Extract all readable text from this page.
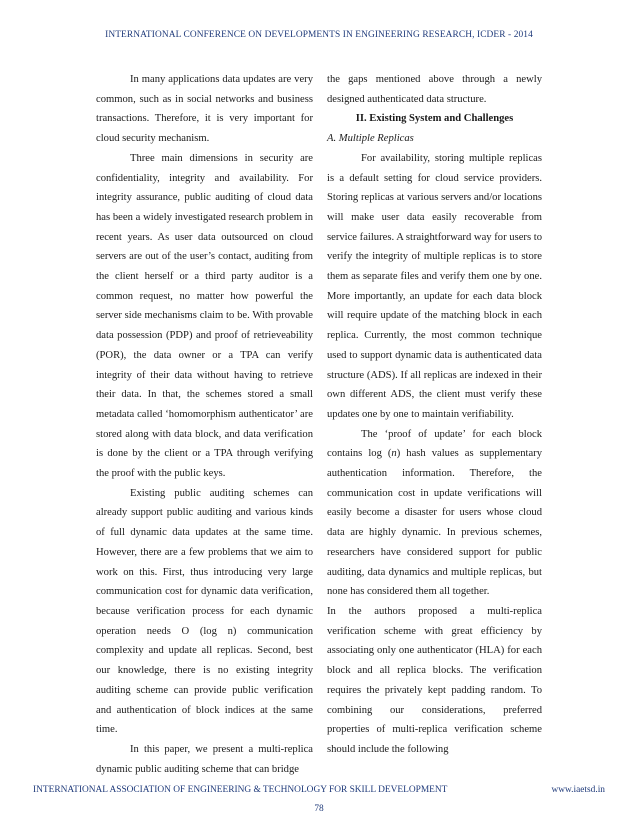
INTERNATIONAL CONFERENCE ON DEVELOPMENTS IN ENGINEERING RESEARCH, ICDER - 2014

In many applications data updates are very common, such as in social networks and business transactions. Therefore, it is very important for cloud security mechanism.

Three main dimensions in security are confidentiality, integrity and availability. For integrity assurance, public auditing of cloud data has been a widely investigated research problem in recent years. As user data outsourced on cloud servers are out of the user’s contact, auditing from the client herself or a third party auditor is a common request, no matter how powerful the server side mechanisms claim to be. With provable data possession (PDP) and proof of retrieveability (POR), the data owner or a TPA can verify integrity of their data without having to retrieve their data. In that, the schemes stored a small metadata called ‘homomorphism authenticator’ are stored along with data block, and data verification is done by the client or a TPA through verifying the proof with the public keys.

Existing public auditing schemes can already support public auditing and various kinds of full dynamic data updates at the same time. However, there are a few problems that we aim to work on this. First, thus introducing very large communication cost for dynamic data verification, because verification process for each dynamic operation needs O (log n) communication complexity and update all replicas. Second, best our knowledge, there is no existing integrity auditing scheme can provide public verification and authentication of block indices at the same time.

In this paper, we present a multi-replica dynamic public auditing scheme that can bridge

the gaps mentioned above through a newly designed authenticated data structure.

II. Existing System and Challenges

A. Multiple Replicas

For availability, storing multiple replicas is a default setting for cloud service providers. Storing replicas at various servers and/or locations will make user data easily recoverable from service failures. A straightforward way for users to verify the integrity of multiple replicas is to store them as separate files and verify them one by one. More importantly, an update for each data block will require update of the matching block in each replica. Currently, the most common technique used to support dynamic data is authenticated data structure (ADS). If all replicas are indexed in their own different ADS, the client must verify these updates one by one to maintain verifiability.

The ‘proof of update’ for each block contains log (n) hash values as supplementary authentication information. Therefore, the communication cost in update verifications will easily become a disaster for users whose cloud data are highly dynamic. In previous schemes, researchers have considered support for public auditing, data dynamics and multiple replicas, but none has considered them all together.

In the authors proposed a multi-replica verification scheme with great efficiency by associating only one authenticator (HLA) for each block and all replica blocks. The verification requires the privately kept padding random. To combining our considerations, preferred properties of multi-replica verification scheme should include the following

INTERNATIONAL ASSOCIATION OF ENGINEERING & TECHNOLOGY FOR SKILL DEVELOPMENT	www.iaetsd.in
78
